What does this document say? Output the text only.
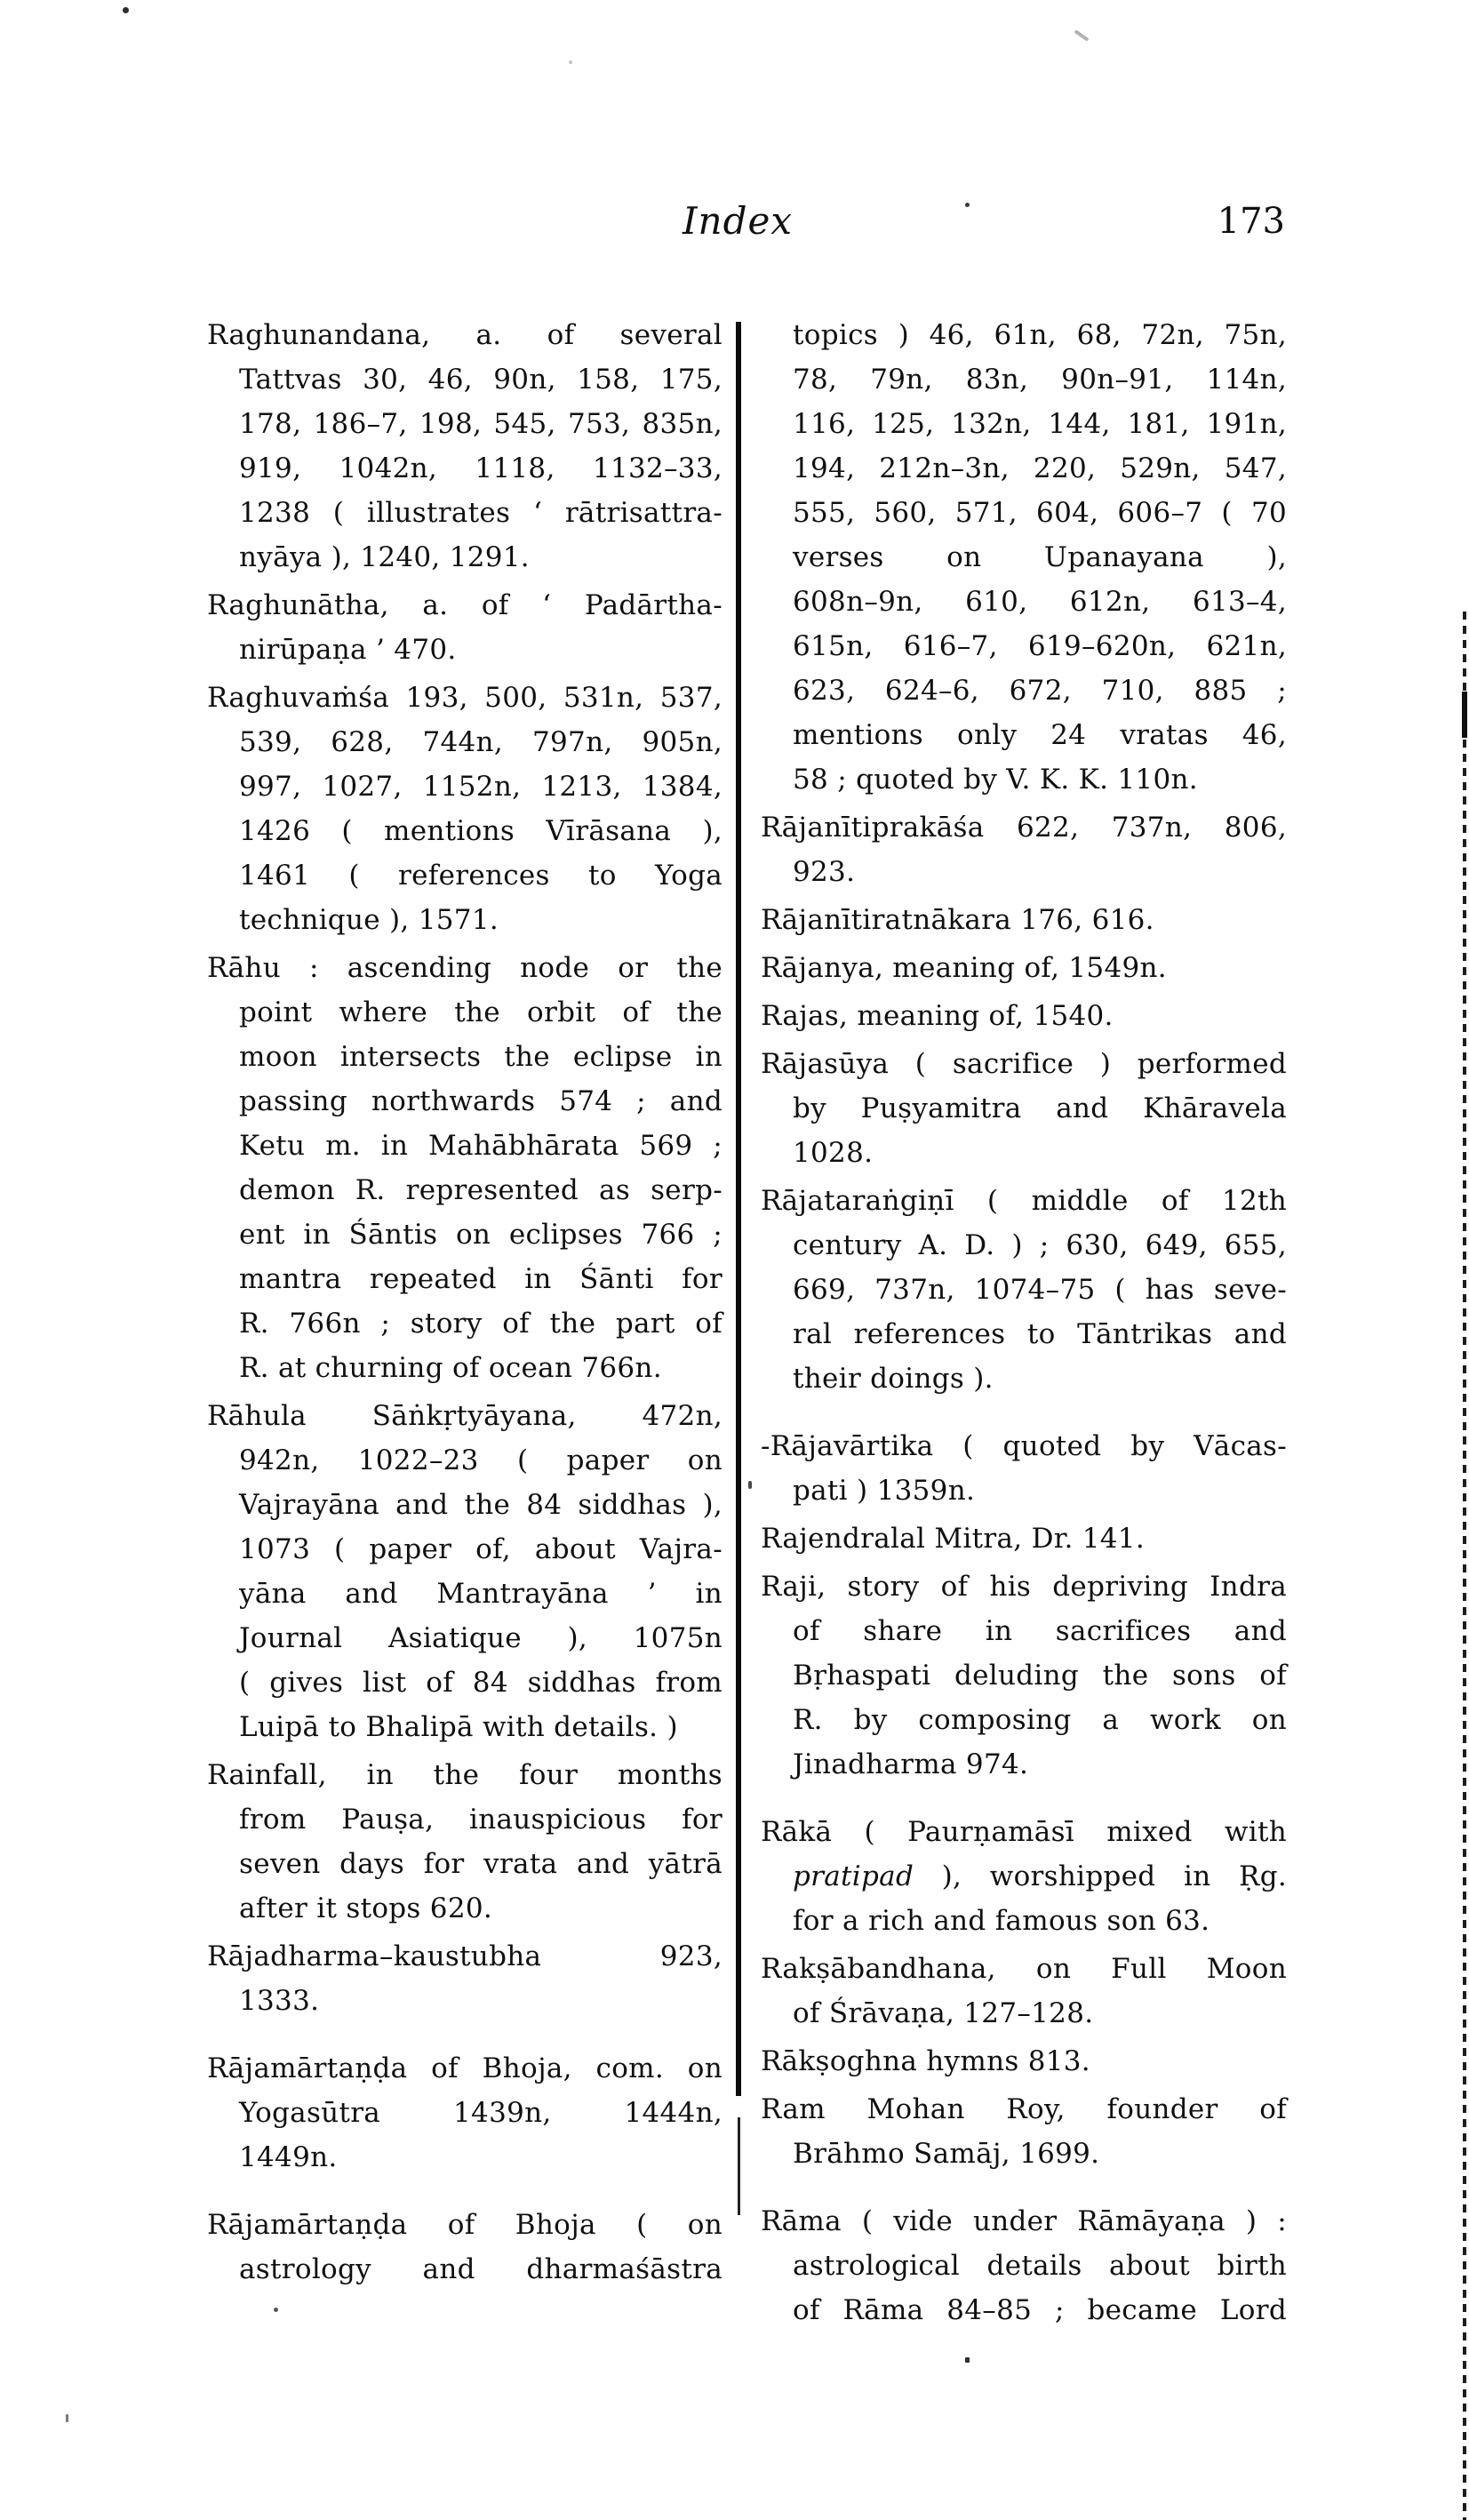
Index	173
Raghunandana, a. of several
Tattvas 30, 46, 90n, 158, 175,
178, 186–7, 198, 545, 753, 835n,
919, 1042n, 1118, 1132–33,
1238 ( illustrates ‘ rātrisattra-
nyāya ), 1240, 1291.
Raghunātha, a. of ‘ Padārtha-
nirūpaṇa ’ 470.
Raghuvaṁśa 193, 500, 531n, 537,
539, 628, 744n, 797n, 905n,
997, 1027, 1152n, 1213, 1384,
1426 ( mentions Vīrāsana ),
1461 ( references to Yoga
technique ), 1571.
Rāhu : ascending node or the
point where the orbit of the
moon intersects the eclipse in
passing northwards 574 ; and
Ketu m. in Mahābhārata 569 ;
demon R. represented as serp-
ent in Śāntis on eclipses 766 ;
mantra repeated in Śānti for
R. 766n ; story of the part of
R. at churning of ocean 766n.
Rāhula Sāṅkṛtyāyana, 472n,
942n, 1022–23 ( paper on
Vajrayāna and the 84 siddhas ),
1073 ( paper of, about Vajra-
yāna and Mantrayāna ’ in
Journal Asiatique ), 1075n
( gives list of 84 siddhas from
Luipā to Bhalipā with details. )
Rainfall, in the four months
from Pauṣa, inauspicious for
seven days for vrata and yātrā
after it stops 620.
Rājadharma–kaustubha 923,
1333.
Rājamārtaṇḍa of Bhoja, com. on
Yogasūtra 1439n, 1444n,
1449n.
Rājamārtaṇḍa of Bhoja ( on
astrology and dharmaśāstra
topics ) 46, 61n, 68, 72n, 75n,
78, 79n, 83n, 90n–91, 114n,
116, 125, 132n, 144, 181, 191n,
194, 212n–3n, 220, 529n, 547,
555, 560, 571, 604, 606–7 ( 70
verses on Upanayana ),
608n–9n, 610, 612n, 613–4,
615n, 616–7, 619–620n, 621n,
623, 624–6, 672, 710, 885 ;
mentions only 24 vratas 46,
58 ; quoted by V. K. K. 110n.
Rājanītiprakāśa 622, 737n, 806,
923.
Rājanītiratnākara 176, 616.
Rājanya, meaning of, 1549n.
Rajas, meaning of, 1540.
Rājasūya ( sacrifice ) performed
by Puṣyamitra and Khāravela
1028.
Rājataraṅgiṇī ( middle of 12th
century A. D. ) ; 630, 649, 655,
669, 737n, 1074–75 ( has seve-
ral references to Tāntrikas and
their doings ).
-Rājavārtika ( quoted by Vācas-
pati ) 1359n.
Rajendralal Mitra, Dr. 141.
Raji, story of his depriving Indra
of share in sacrifices and
Bṛhaspati deluding the sons of
R. by composing a work on
Jinadharma 974.
Rākā ( Paurṇamāsī mixed with
pratipad ), worshipped in Ṛg.
for a rich and famous son 63.
Rakṣābandhana, on Full Moon
of Śrāvaṇa, 127–128.
Rākṣoghna hymns 813.
Ram Mohan Roy, founder of
Brāhmo Samāj, 1699.
Rāma ( vide under Rāmāyaṇa ) :
astrological details about birth
of Rāma 84–85 ; became Lord
